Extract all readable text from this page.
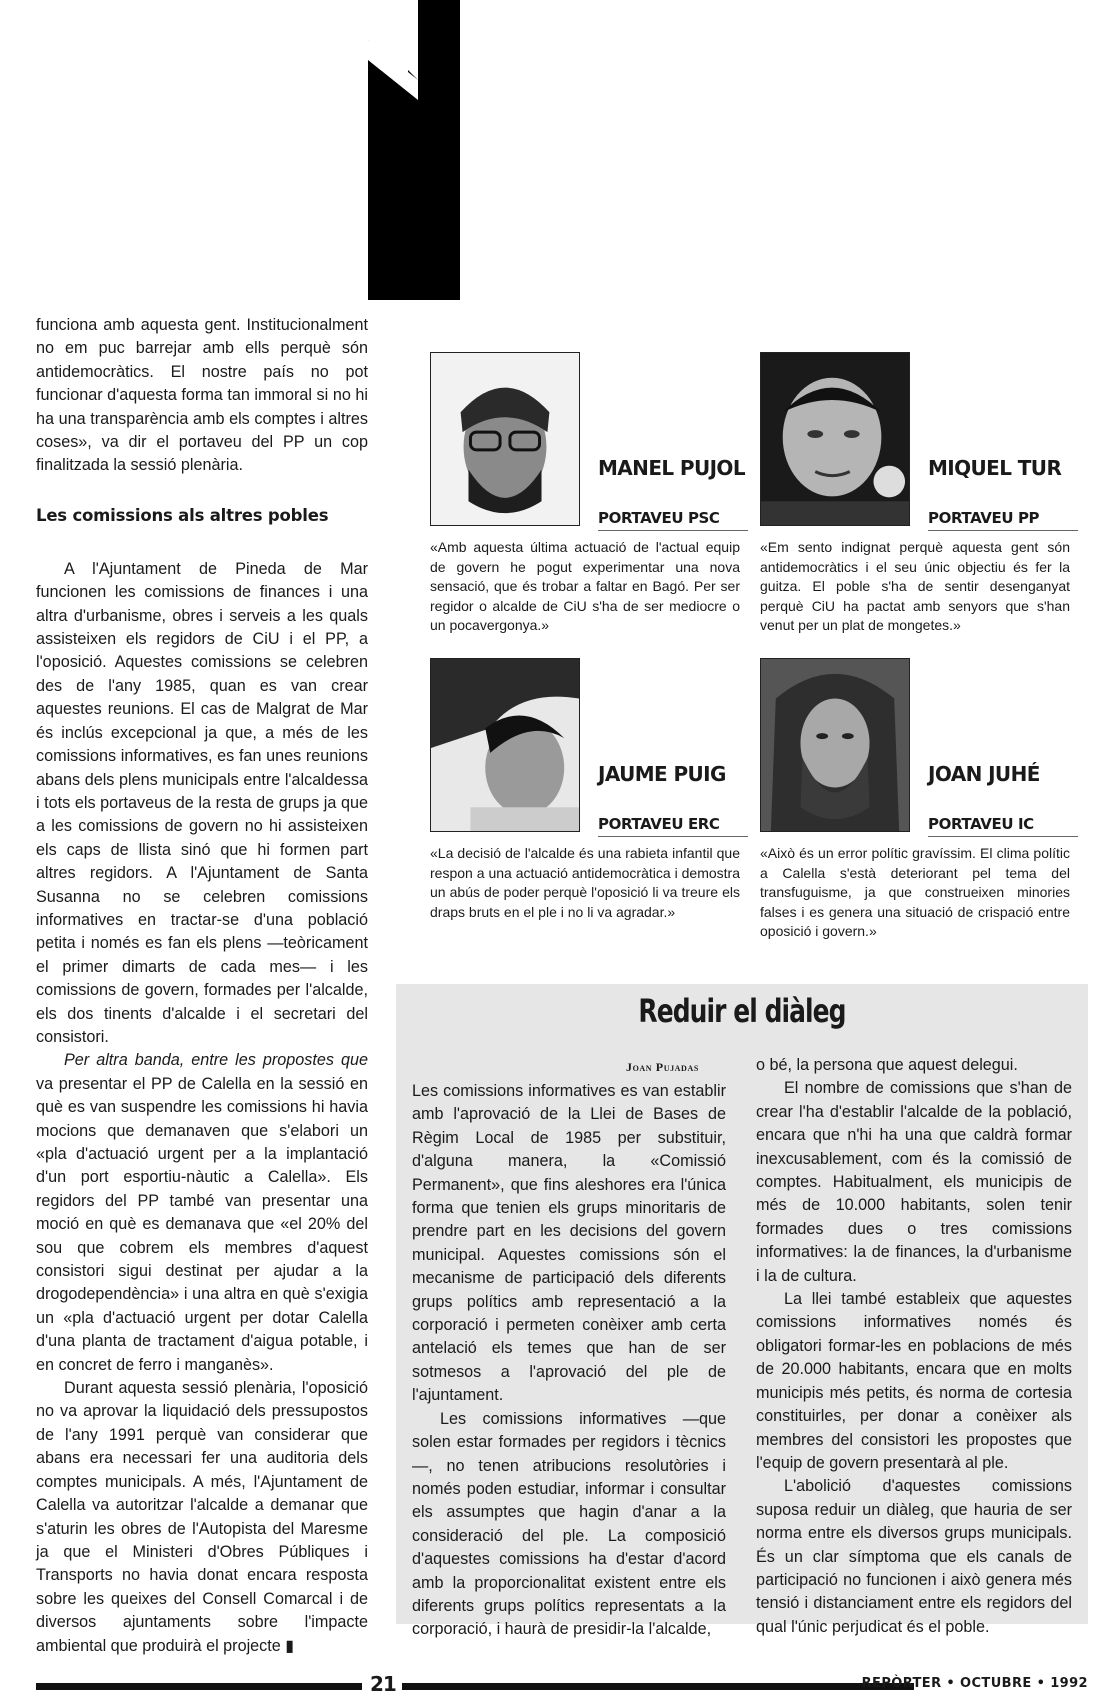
funciona amb aquesta gent. Institucionalment no em puc barrejar amb ells perquè són antidemocràtics. El nostre país no pot funcionar d'aquesta forma tan immoral si no hi ha una transparència amb els comptes i altres coses», va dir el portaveu del PP un cop finalitzada la sessió plenària.

Les comissions als altres pobles

A l'Ajuntament de Pineda de Mar funcionen les comissions de finances i una altra d'urbanisme, obres i serveis a les quals assisteixen els regidors de CiU i el PP, a l'oposició. Aquestes comissions se celebren des de l'any 1985, quan es van crear aquestes reunions. El cas de Malgrat de Mar és inclús excepcional ja que, a més de les comissions informatives, es fan unes reunions abans dels plens municipals entre l'alcaldessa i tots els portaveus de la resta de grups ja que a les comissions de govern no hi assisteixen els caps de llista sinó que hi formen part altres regidors. A l'Ajuntament de Santa Susanna no se celebren comissions informatives en tractar-se d'una població petita i només es fan els plens —teòricament el primer dimarts de cada mes— i les comissions de govern, formades per l'alcalde, els dos tinents d'alcalde i el secretari del consistori.

Per altra banda, entre les propostes que va presentar el PP de Calella en la sessió en què es van suspendre les comissions hi havia mocions que demanaven que s'elabori un «pla d'actuació urgent per a la implantació d'un port esportiu-nàutic a Calella». Els regidors del PP també van presentar una moció en què es demanava que «el 20% del sou que cobrem els membres d'aquest consistori sigui destinat per ajudar a la drogodependència» i una altra en què s'exigia un «pla d'actuació urgent per dotar Calella d'una planta de tractament d'aigua potable, i en concret de ferro i manganès».

Durant aquesta sessió plenària, l'oposició no va aprovar la liquidació dels pressupostos de l'any 1991 perquè van considerar que abans era necessari fer una auditoria dels comptes municipals. A més, l'Ajuntament de Calella va autoritzar l'alcalde a demanar que s'aturin les obres de l'Autopista del Maresme ja que el Ministeri d'Obres Públiques i Transports no havia donat encara resposta sobre les queixes del Consell Comarcal i de diversos ajuntaments sobre l'impacte ambiental que produirà el projecte ▮

MANEL PUJOL
PORTAVEU PSC
«Amb aquesta última actuació de l'actual equip de govern he pogut experimentar una nova sensació, que és trobar a faltar en Bagó. Per ser regidor o alcalde de CiU s'ha de ser mediocre o un pocavergonya.»
MIQUEL TUR
PORTAVEU PP
«Em sento indignat perquè aquesta gent són antidemocràtics i el seu únic objectiu és fer la guitza. El poble s'ha de sentir desenganyat perquè CiU ha pactat amb senyors que s'han venut per un plat de mongetes.»
JAUME PUIG
PORTAVEU ERC
«La decisió de l'alcalde és una rabieta infantil que respon a una actuació antidemocràtica i demostra un abús de poder perquè l'oposició li va treure els draps bruts en el ple i no li va agradar.»
JOAN JUHÉ
PORTAVEU IC
«Això és un error polític gravíssim. El clima polític a Calella s'està deteriorant pel tema del transfuguisme, ja que construeixen minories falses i es genera una situació de crispació entre oposició i govern.»
Reduir el diàleg
Joan Pujadas

Les comissions informatives es van establir amb l'aprovació de la Llei de Bases de Règim Local de 1985 per substituir, d'alguna manera, la «Comissió Permanent», que fins aleshores era l'única forma que tenien els grups minoritaris de prendre part en les decisions del govern municipal. Aquestes comissions són el mecanisme de participació dels diferents grups polítics amb representació a la corporació i permeten conèixer amb certa antelació els temes que han de ser sotmesos a l'aprovació del ple de l'ajuntament.

Les comissions informatives —que solen estar formades per regidors i tècnics—, no tenen atribucions resolutòries i només poden estudiar, informar i consultar els assumptes que hagin d'anar a la consideració del ple. La composició d'aquestes comissions ha d'estar d'acord amb la proporcionalitat existent entre els diferents grups polítics representats a la corporació, i haurà de presidir-la l'alcalde,

o bé, la persona que aquest delegui.

El nombre de comissions que s'han de crear l'ha d'establir l'alcalde de la població, encara que n'hi ha una que caldrà formar inexcusablement, com és la comissió de comptes. Habitualment, els municipis de més de 10.000 habitants, solen tenir formades dues o tres comissions informatives: la de finances, la d'urbanisme i la de cultura.

La llei també estableix que aquestes comissions informatives només és obligatori formar-les en poblacions de més de 20.000 habitants, encara que en molts municipis més petits, és norma de cortesia constituirles, per donar a conèixer als membres del consistori les propostes que l'equip de govern presentarà al ple.

L'abolició d'aquestes comissions suposa reduir un diàleg, que hauria de ser norma entre els diversos grups municipals. És un clar símptoma que els canals de participació no funcionen i això genera més tensió i distanciament entre els regidors del qual l'únic perjudicat és el poble.

21	REPÒRTER • OCTUBRE • 1992
